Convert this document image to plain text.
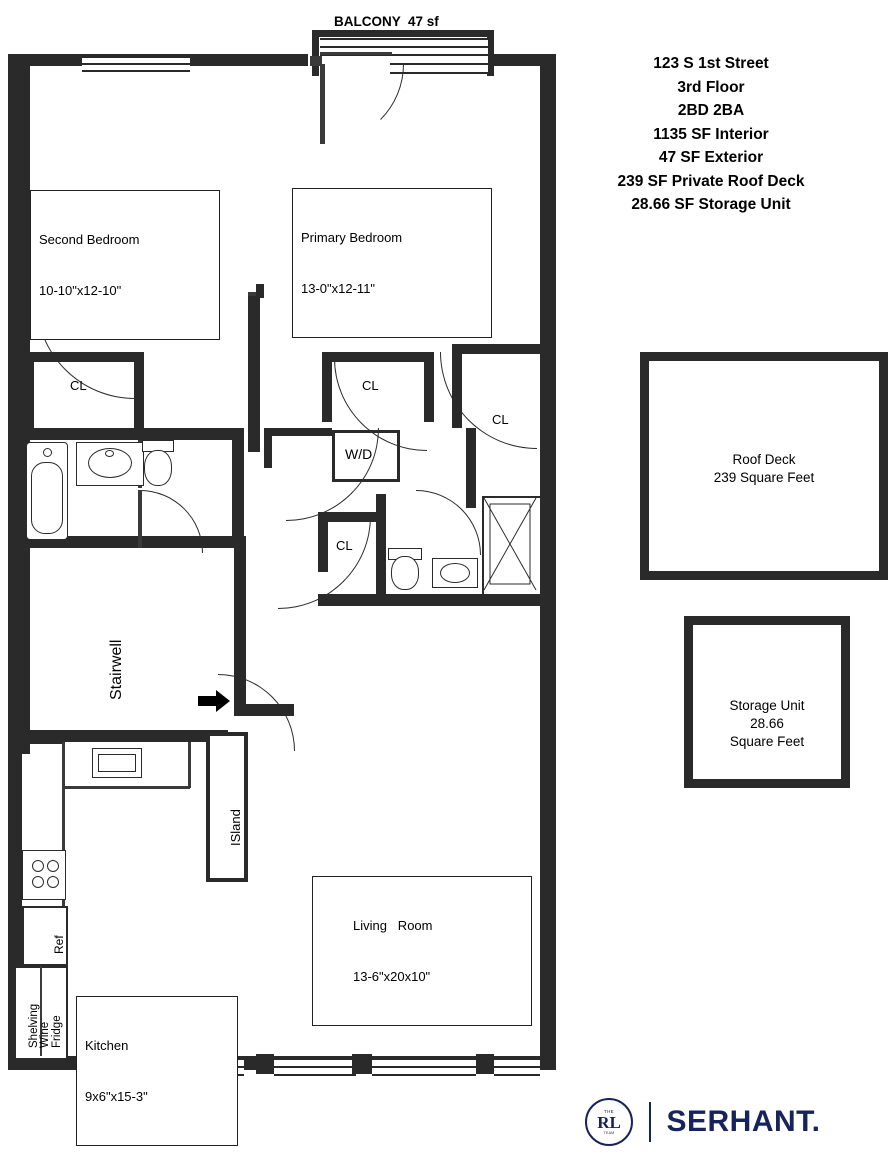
123 S 1st Street
3rd Floor
2BD 2BA
1135 SF Interior
47 SF Exterior
239 SF Private Roof Deck
28.66 SF Storage Unit
BALCONY  47 sf
CL	CL
CL
W/D
CL
Stairwell
Ref
Wine
Fridge
Shelving
ISland

Second Bedroom

10-10"x12-10"

Primary Bedroom

13-0"x12-11"

Living   Room

13-6"x20x10"

Kitchen

9x6"x15-3"

Roof Deck
239 Square Feet
Storage Unit
28.66
Square Feet
THE
RL
TEAM SERHANT.
